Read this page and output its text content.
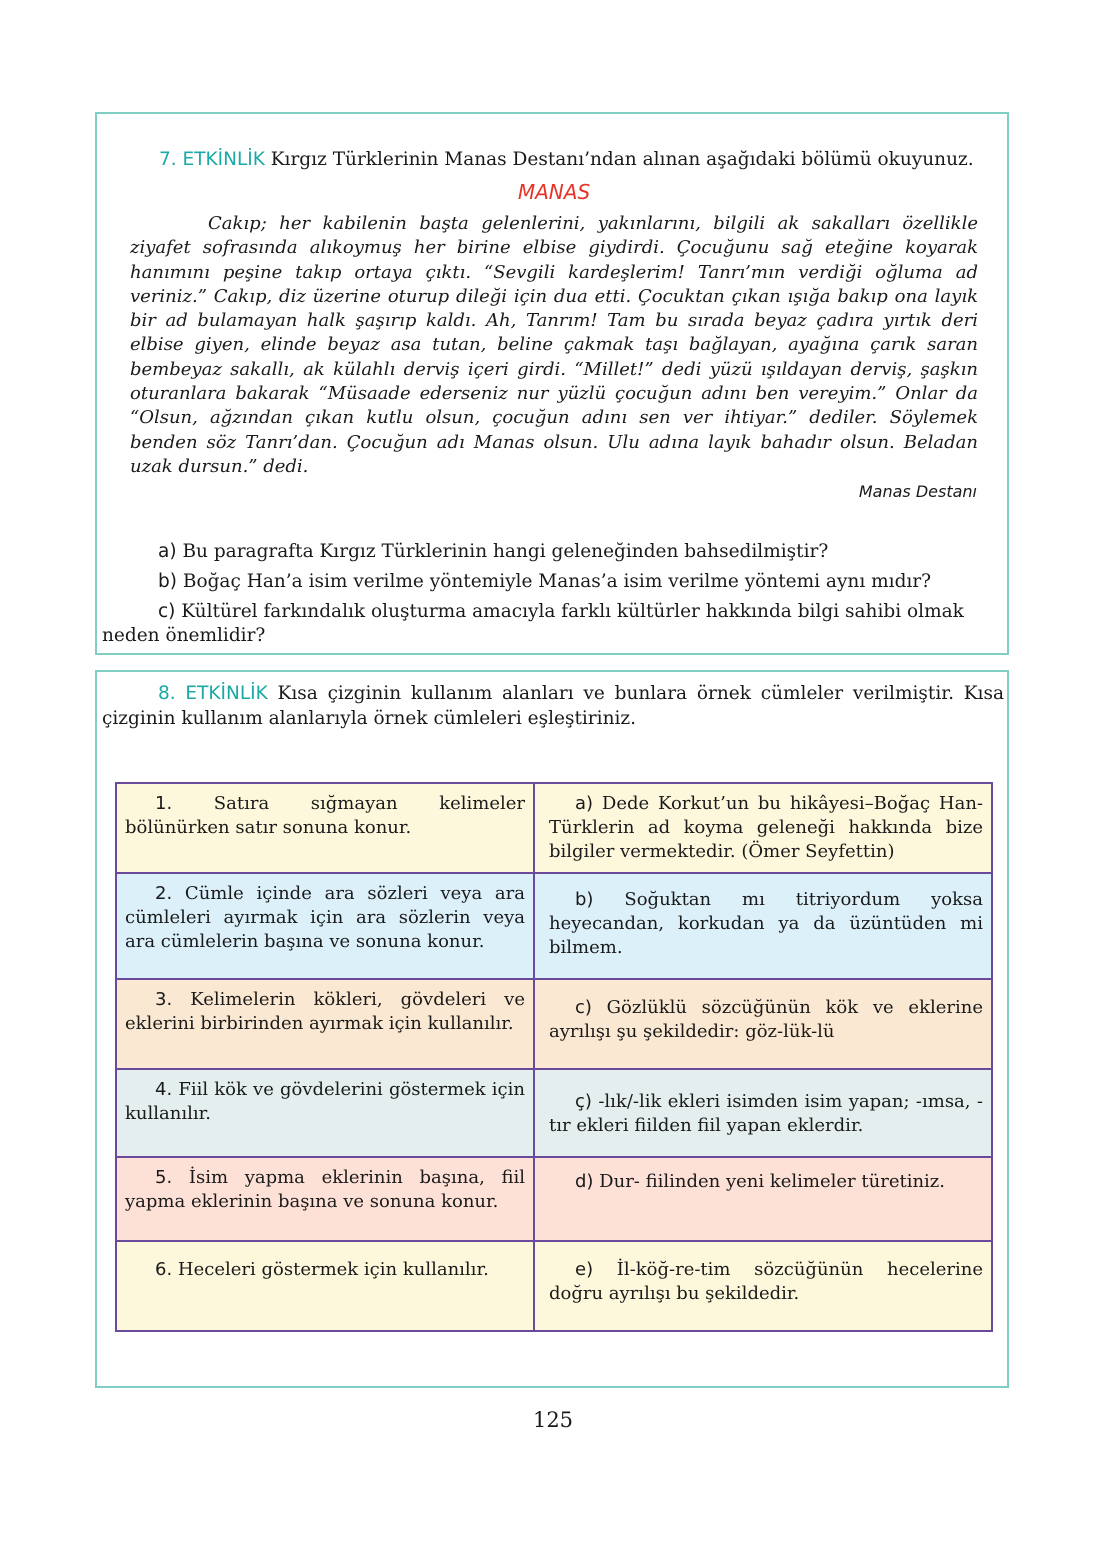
7. ETKİNLİK Kırgız Türklerinin Manas Destanı’ndan alınan aşağıdaki bölümü okuyunuz.
MANAS
Cakıp; her kabilenin başta gelenlerini, yakınlarını, bilgili ak sakalları özellikle ziyafet sofrasında alıkoymuş her birine elbise giydirdi. Çocuğunu sağ eteğine koyarak hanımını peşine takıp ortaya çıktı. “Sevgili kardeşlerim! Tanrı’mın verdiği oğluma ad veriniz.” Cakıp, diz üzerine oturup dileği için dua etti. Çocuktan çıkan ışığa bakıp ona layık bir ad bulamayan halk şaşırıp kaldı. Ah, Tanrım! Tam bu sırada beyaz çadıra yırtık deri elbise giyen, elinde beyaz asa tutan, beline çakmak taşı bağlayan, ayağına çarık saran bembeyaz sakallı, ak külahlı derviş içeri girdi. “Millet!” dedi yüzü ışıldayan derviş, şaşkın oturanlara bakarak “Müsaade ederseniz nur yüzlü çocuğun adını ben vereyim.” Onlar da “Olsun, ağzından çıkan kutlu olsun, çocuğun adını sen ver ihtiyar.” dediler. Söylemek benden söz Tanrı’dan. Çocuğun adı Manas olsun. Ulu adına layık bahadır olsun. Beladan uzak dursun.” dedi.
Manas Destanı
a) Bu paragrafta Kırgız Türklerinin hangi geleneğinden bahsedilmiştir?
b) Boğaç Han’a isim verilme yöntemiyle Manas’a isim verilme yöntemi aynı mıdır?
c) Kültürel farkındalık oluşturma amacıyla farklı kültürler hakkında bilgi sahibi olmak neden önemlidir?
8. ETKİNLİK Kısa çizginin kullanım alanları ve bunlara örnek cümleler verilmiştir. Kısa çizginin kullanım alanlarıyla örnek cümleleri eşleştiriniz.
1. Satıra sığmayan kelimeler bölünürken satır sonuna konur.	a) Dede Korkut’un bu hikâyesi–Boğaç Han- Türklerin ad koyma geleneği hakkında bize bilgiler vermektedir. (Ömer Seyfettin)
2. Cümle içinde ara sözleri veya ara cümleleri ayırmak için ara sözlerin veya ara cümlelerin başına ve sonuna konur.	b) Soğuktan mı titriyordum yoksa heyecandan, korkudan ya da üzüntüden mi bilmem.
3. Kelimelerin kökleri, gövdeleri ve eklerini birbirinden ayırmak için kullanılır.	c) Gözlüklü sözcüğünün kök ve eklerine ayrılışı şu şekildedir: göz-lük-lü
4. Fiil kök ve gövdelerini göstermek için kullanılır.	ç) -lık/-lik ekleri isimden isim yapan; -ımsa, -tır ekleri fiilden fiil yapan eklerdir.
5. İsim yapma eklerinin başına, fiil yapma eklerinin başına ve sonuna konur.	d) Dur- fiilinden yeni kelimeler türetiniz.
6. Heceleri göstermek için kullanılır.	e) İl-köğ-re-tim sözcüğünün hecelerine doğru ayrılışı bu şekildedir.
125
